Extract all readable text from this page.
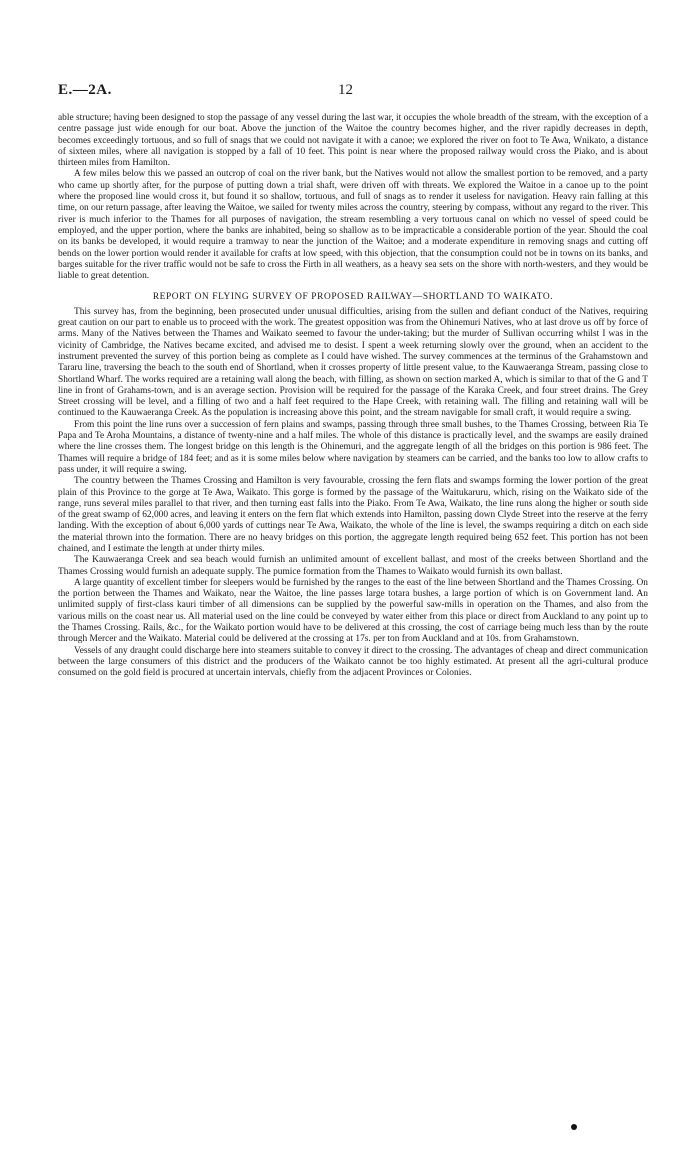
E.—2A.	12

able structure; having been designed to stop the passage of any vessel during the last war, it occupies the whole breadth of the stream, with the exception of a centre passage just wide enough for our boat. Above the junction of the Waitoe the country becomes higher, and the river rapidly decreases in depth, becomes exceedingly tortuous, and so full of snags that we could not navigate it with a canoe; we explored the river on foot to Te Awa, Wnikato, a distance of sixteen miles, where all navigation is stopped by a fall of 10 feet. This point is near where the proposed railway would cross the Piako, and is about thirteen miles from Hamilton.

A few miles below this we passed an outcrop of coal on the river bank, but the Natives would not allow the smallest portion to be removed, and a party who came up shortly after, for the purpose of putting down a trial shaft, were driven off with threats. We explored the Waitoe in a canoe up to the point where the proposed line would cross it, but found it so shallow, tortuous, and full of snags as to render it useless for navigation. Heavy rain falling at this time, on our return passage, after leaving the Waitoe, we sailed for twenty miles across the country, steering by compass, without any regard to the river. This river is much inferior to the Thames for all purposes of navigation, the stream resembling a very tortuous canal on which no vessel of speed could be employed, and the upper portion, where the banks are inhabited, being so shallow as to be impracticable a considerable portion of the year. Should the coal on its banks be developed, it would require a tramway to near the junction of the Waitoe; and a moderate expenditure in removing snags and cutting off bends on the lower portion would render it available for crafts at low speed, with this objection, that the consumption could not be in towns on its banks, and barges suitable for the river traffic would not be safe to cross the Firth in all weathers, as a heavy sea sets on the shore with north-westers, and they would be liable to great detention.

REPORT ON FLYING SURVEY OF PROPOSED RAILWAY—SHORTLAND TO WAIKATO.

This survey has, from the beginning, been prosecuted under unusual difficulties, arising from the sullen and defiant conduct of the Natives, requiring great caution on our part to enable us to proceed with the work. The greatest opposition was from the Ohinemuri Natives, who at last drove us off by force of arms. Many of the Natives between the Thames and Waikato seemed to favour the under-taking; but the murder of Sullivan occurring whilst I was in the vicinity of Cambridge, the Natives became excited, and advised me to desist. I spent a week returning slowly over the ground, when an accident to the instrument prevented the survey of this portion being as complete as I could have wished. The survey commences at the terminus of the Grahamstown and Tararu line, traversing the beach to the south end of Shortland, when it crosses property of little present value, to the Kauwaeranga Stream, passing close to Shortland Wharf. The works required are a retaining wall along the beach, with filling, as shown on section marked A, which is similar to that of the G and T line in front of Grahams-town, and is an average section. Provision will be required for the passage of the Karaka Creek, and four street drains. The Grey Street crossing will be level, and a filling of two and a half feet required to the Hape Creek, with retaining wall. The filling and retaining wall will be continued to the Kauwaeranga Creek. As the population is increasing above this point, and the stream navigable for small craft, it would require a swing.

From this point the line runs over a succession of fern plains and swamps, passing through three small bushes, to the Thames Crossing, between Ria Te Papa and Te Aroha Mountains, a distance of twenty-nine and a half miles. The whole of this distance is practically level, and the swamps are easily drained where the line crosses them. The longest bridge on this length is the Ohinemuri, and the aggregate length of all the bridges on this portion is 986 feet. The Thames will require a bridge of 184 feet; and as it is some miles below where navigation by steamers can be carried, and the banks too low to allow crafts to pass under, it will require a swing.

The country between the Thames Crossing and Hamilton is very favourable, crossing the fern flats and swamps forming the lower portion of the great plain of this Province to the gorge at Te Awa, Waikato. This gorge is formed by the passage of the Waitukaruru, which, rising on the Waikato side of the range, runs several miles parallel to that river, and then turning east falls into the Piako. From Te Awa, Waikato, the line runs along the higher or south side of the great swamp of 62,000 acres, and leaving it enters on the fern flat which extends into Hamilton, passing down Clyde Street into the reserve at the ferry landing. With the exception of about 6,000 yards of cuttings near Te Awa, Waikato, the whole of the line is level, the swamps requiring a ditch on each side the material thrown into the formation. There are no heavy bridges on this portion, the aggregate length required being 652 feet. This portion has not been chained, and I estimate the length at under thirty miles.

The Kauwaeranga Creek and sea beach would furnish an unlimited amount of excellent ballast, and most of the creeks between Shortland and the Thames Crossing would furnish an adequate supply. The pumice formation from the Thames to Waikato would furnish its own ballast.

A large quantity of excellent timber for sleepers would be furnished by the ranges to the east of the line between Shortland and the Thames Crossing. On the portion between the Thames and Waikato, near the Waitoe, the line passes large totara bushes, a large portion of which is on Government land. An unlimited supply of first-class kauri timber of all dimensions can be supplied by the powerful saw-mills in operation on the Thames, and also from the various mills on the coast near us. All material used on the line could be conveyed by water either from this place or direct from Auckland to any point up to the Thames Crossing. Rails, &c., for the Waikato portion would have to be delivered at this crossing, the cost of carriage being much less than by the route through Mercer and the Waikato. Material could be delivered at the crossing at 17s. per ton from Auckland and at 10s. from Grahamstown.

Vessels of any draught could discharge here into steamers suitable to convey it direct to the crossing. The advantages of cheap and direct communication between the large consumers of this district and the producers of the Waikato cannot be too highly estimated. At present all the agri-cultural produce consumed on the gold field is procured at uncertain intervals, chiefly from the adjacent Provinces or Colonies.
